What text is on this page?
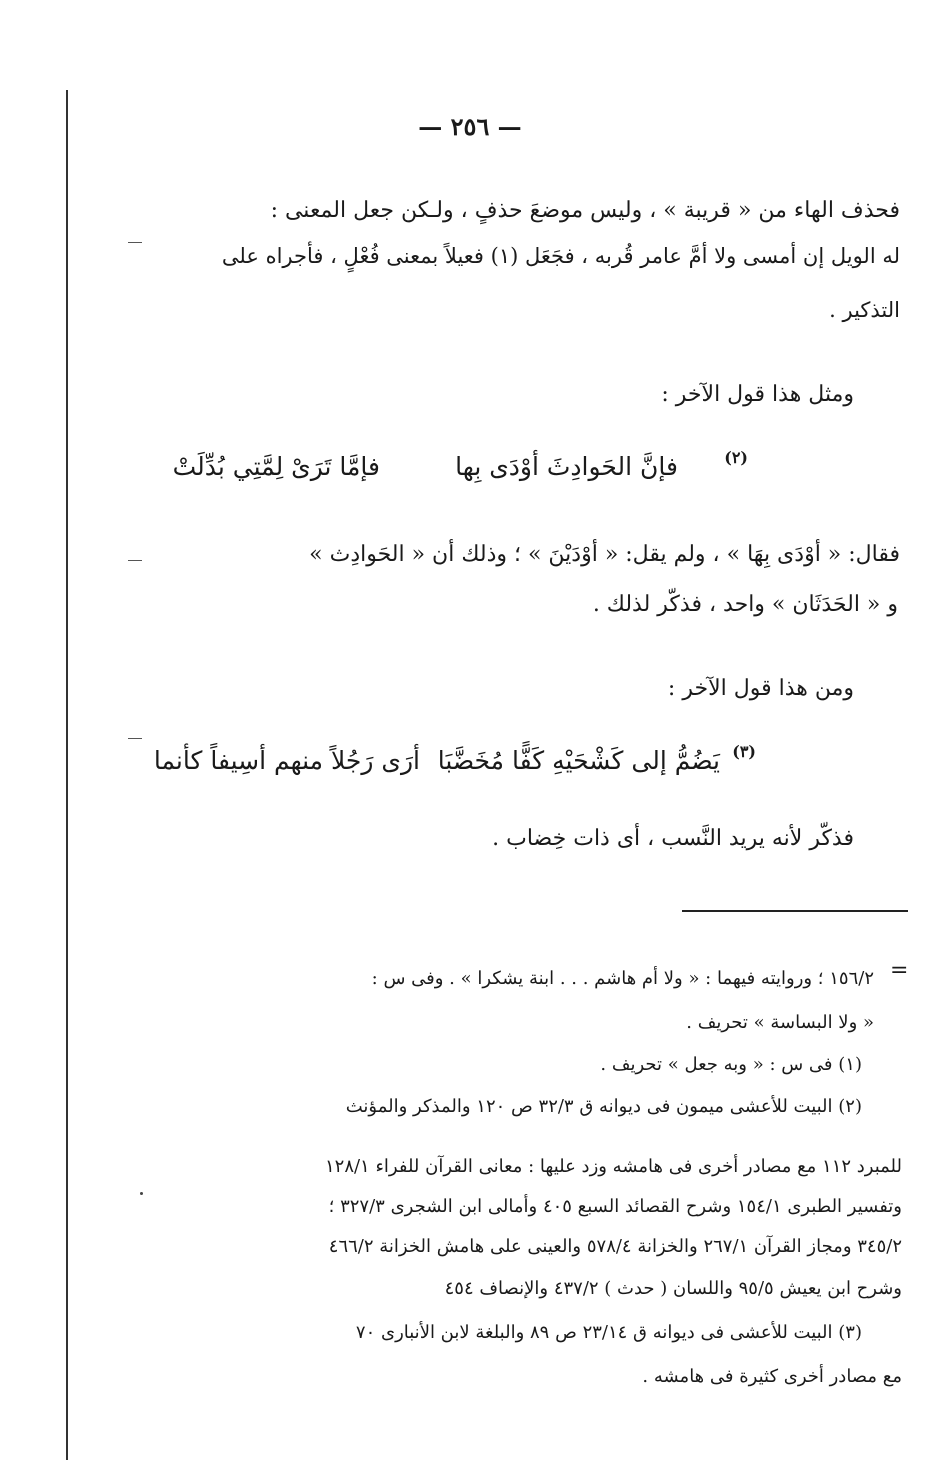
— ٢٥٦ —
فحذف الهاء من « قريبة » ، وليس موضعَ حذفٍ ، ولـكن جعل المعنى :
له الويل إن أمسى ولا أمَّ عامر قُربه ، فجَعَل (١) فعيلاً بمعنى فُعْلٍ ، فأجراه على
التذكير .
ومثل هذا قول الآخر :
فإمَّا تَرَىْ لِمَّتِي بُدِّلَتْ	فإنَّ الحَوادِثَ أوْدَى بِها	(٢)
فقال: « أوْدَى بِهَا » ، ولم يقل: « أوْدَيْنَ » ؛ وذلك أن « الحَوادِث »
و « الحَدَثَان » واحد ، فذكّر لذلك .
ومن هذا قول الآخر :
أرَى رَجُلاً منهم أسِيفاً كأنما يَضُمُّ إلى كَشْحَيْهِ كَفًّا مُخَضَّبَا (٣)
فذكّر لأنه يريد النَّسب ، أى ذات خِضاب .
=
١٥٦/٢ ؛ وروايته فيهما : « ولا أم هاشم . . . ابنة يشكرا » . وفى س :
« ولا البساسة » تحريف .
(١) فى س : « وبه جعل » تحريف .
(٢) البيت للأعشى ميمون فى ديوانه ق ٣٢/٣ ص ١٢٠ والمذكر والمؤنث
للمبرد ١١٢ مع مصادر أخرى فى هامشه وزد عليها : معانى القرآن للفراء ١٢٨/١
وتفسير الطبرى ١٥٤/١ وشرح القصائد السبع ٤٠٥ وأمالى ابن الشجرى ٣٢٧/٣ ؛
٣٤٥/٢ ومجاز القرآن ٢٦٧/١ والخزانة ٥٧٨/٤ والعينى على هامش الخزانة ٤٦٦/٢
وشرح ابن يعيش ٩٥/٥ واللسان ( حدث ) ٤٣٧/٢ والإنصاف ٤٥٤
(٣) البيت للأعشى فى ديوانه ق ٢٣/١٤ ص ٨٩ والبلغة لابن الأنبارى ٧٠
مع مصادر أخرى كثيرة فى هامشه .
